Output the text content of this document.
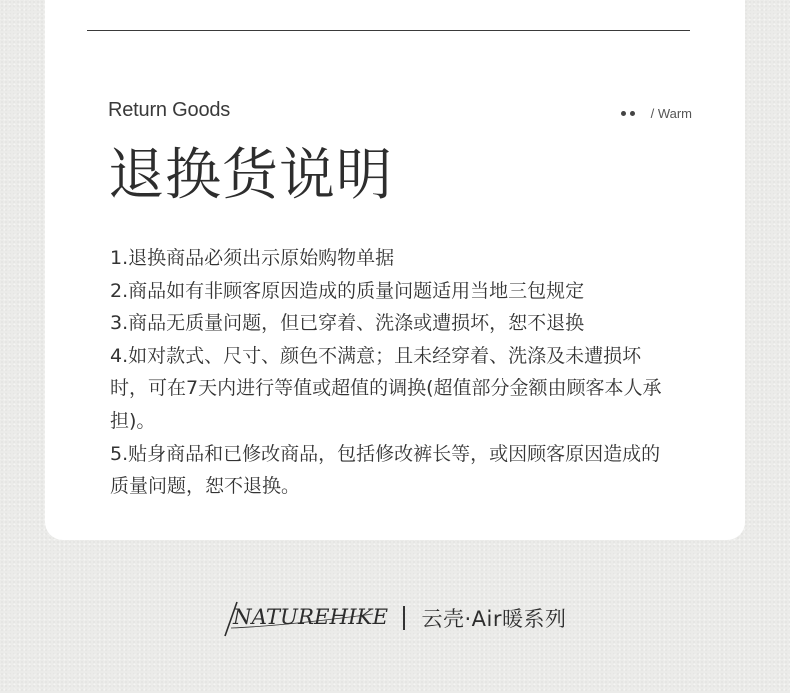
Return Goods	/ Warm
退换货说明
1.退换商品必须出示原始购物单据
2.商品如有非顾客原因造成的质量问题适用当地三包规定
3.商品无质量问题，但已穿着、洗涤或遭损坏，恕不退换
4.如对款式、尺寸、颜色不满意；且未经穿着、洗涤及未遭损坏时，可在7天内进行等值或超值的调换(超值部分金额由顾客本人承担)。
5.贴身商品和已修改商品，包括修改裤长等，或因顾客原因造成的质量问题，恕不退换。
NATUREHIKE 云壳·Air暖系列
